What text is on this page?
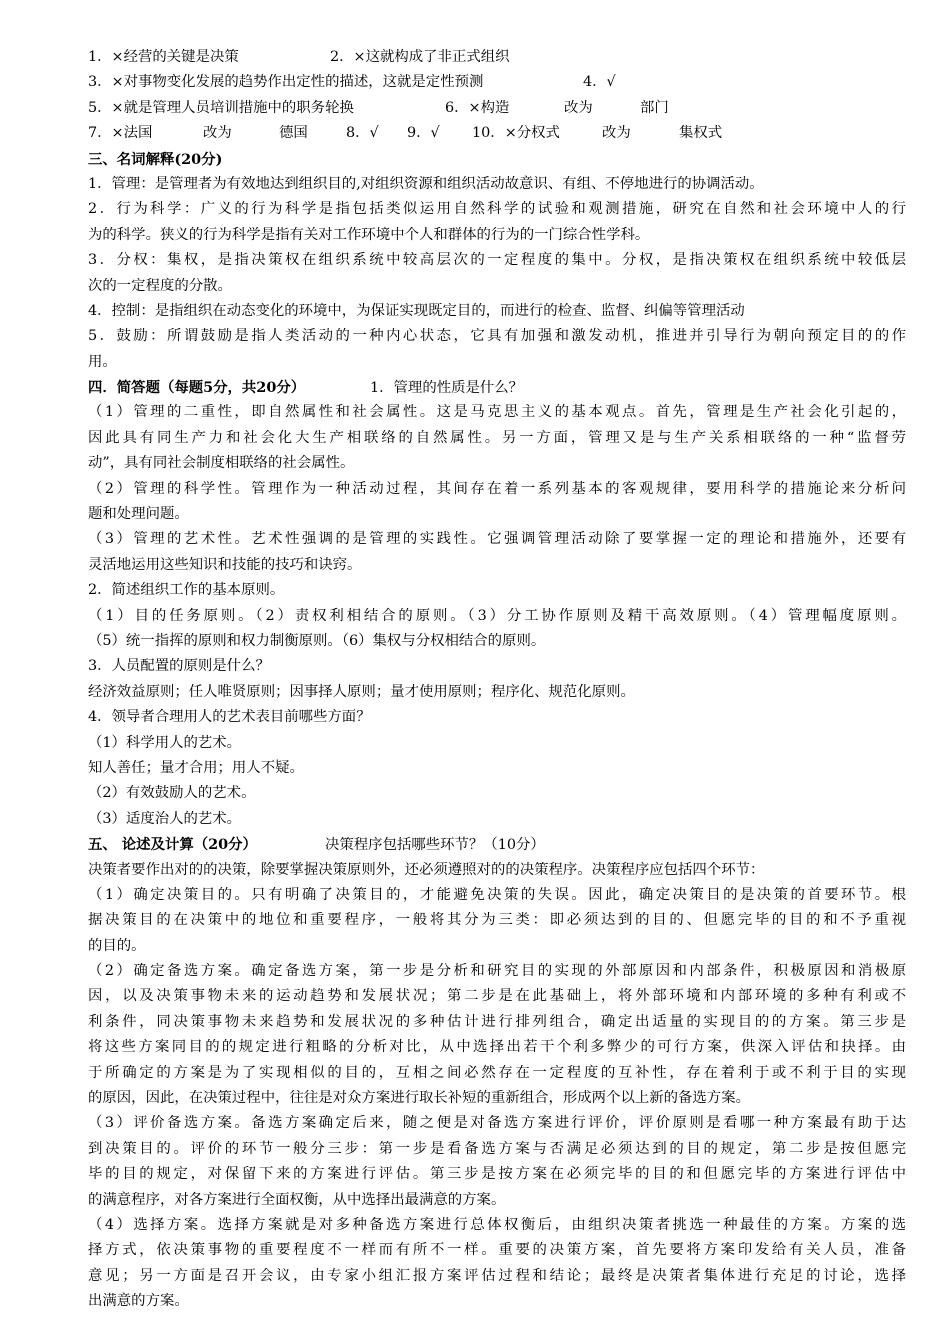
1．×经营的关键是决策	2．×这就构成了非正式组织
3．×对事物变化发展的趋势作出定性的描述，这就是定性预测	4．√
5．×就是管理人员培训措施中的职务轮换	6．×构造	改为	部门
7．×法国	改为	德国	8．√ 9．√ 10．×分权式	改为	集权式
三、名词解释(20分)
1．管理：是管理者为有效地达到组织目的,对组织资源和组织活动故意识、有组、不停地进行的协调活动。
2．行为科学：广义的行为科学是指包括类似运用自然科学的试验和观测措施，研究在自然和社会环境中人的行
为的科学。狭义的行为科学是指有关对工作环境中个人和群体的行为的一门综合性学科。
3．分权：集权，是指决策权在组织系统中较高层次的一定程度的集中。分权，是指决策权在组织系统中较低层
次的一定程度的分散。
4．控制：是指组织在动态变化的环境中，为保证实现既定目的，而进行的检查、监督、纠偏等管理活动
5．鼓励：所谓鼓励是指人类活动的一种内心状态，它具有加强和激发动机，推进并引导行为朝向预定目的的作
用。
四．简答题（每题5分，共20分）	1．管理的性质是什么？
（1）管理的二重性，即自然属性和社会属性。这是马克思主义的基本观点。首先，管理是生产社会化引起的，
因此具有同生产力和社会化大生产相联络的自然属性。另一方面，管理又是与生产关系相联络的一种“监督劳
动”，具有同社会制度相联络的社会属性。
（2）管理的科学性。管理作为一种活动过程，其间存在着一系列基本的客观规律，要用科学的措施论来分析问
题和处理问题。
（3）管理的艺术性。艺术性强调的是管理的实践性。它强调管理活动除了要掌握一定的理论和措施外，还要有
灵活地运用这些知识和技能的技巧和诀窍。
2．简述组织工作的基本原则。
（1）目的任务原则。（2）责权利相结合的原则。（3）分工协作原则及精干高效原则。（4）管理幅度原则。
（5）统一指挥的原则和权力制衡原则。（6）集权与分权相结合的原则。
3．人员配置的原则是什么？
经济效益原则；任人唯贤原则；因事择人原则；量才使用原则；程序化、规范化原则。
4．领导者合理用人的艺术表目前哪些方面？
（1）科学用人的艺术。
知人善任；量才合用；用人不疑。
（2）有效鼓励人的艺术。
（3）适度治人的艺术。
五、 论述及计算（20分）	决策程序包括哪些环节？（10分）
决策者要作出对的的决策，除要掌握决策原则外，还必须遵照对的的决策程序。决策程序应包括四个环节：
（1）确定决策目的。只有明确了决策目的，才能避免决策的失误。因此，确定决策目的是决策的首要环节。根
据决策目的在决策中的地位和重要程序，一般将其分为三类：即必须达到的目的、但愿完毕的目的和不予重视
的目的。
（2）确定备选方案。确定备选方案，第一步是分析和研究目的实现的外部原因和内部条件，积极原因和消极原
因，以及决策事物未来的运动趋势和发展状况；第二步是在此基础上，将外部环境和内部环境的多种有利或不
利条件，同决策事物未来趋势和发展状况的多种估计进行排列组合，确定出适量的实现目的的方案。第三步是
将这些方案同目的的规定进行粗略的分析对比，从中选择出若干个利多弊少的可行方案，供深入评估和抉择。由
于所确定的方案是为了实现相似的目的，互相之间必然存在一定程度的互补性，存在着利于或不利于目的实现
的原因，因此，在决策过程中，往往是对众方案进行取长补短的重新组合，形成两个以上新的备选方案。
（3）评价备选方案。备选方案确定后来，随之便是对备选方案进行评价，评价原则是看哪一种方案最有助于达
到决策目的。评价的环节一般分三步：第一步是看备选方案与否满足必须达到的目的规定，第二步是按但愿完
毕的目的规定，对保留下来的方案进行评估。第三步是按方案在必须完毕的目的和但愿完毕的方案进行评估中
的满意程序，对各方案进行全面权衡，从中选择出最满意的方案。
（4）选择方案。选择方案就是对多种备选方案进行总体权衡后，由组织决策者挑选一种最佳的方案。方案的选
择方式，依决策事物的重要程度不一样而有所不一样。重要的决策方案，首先要将方案印发给有关人员，准备
意见；另一方面是召开会议，由专家小组汇报方案评估过程和结论；最终是决策者集体进行充足的讨论，选择
出满意的方案。
